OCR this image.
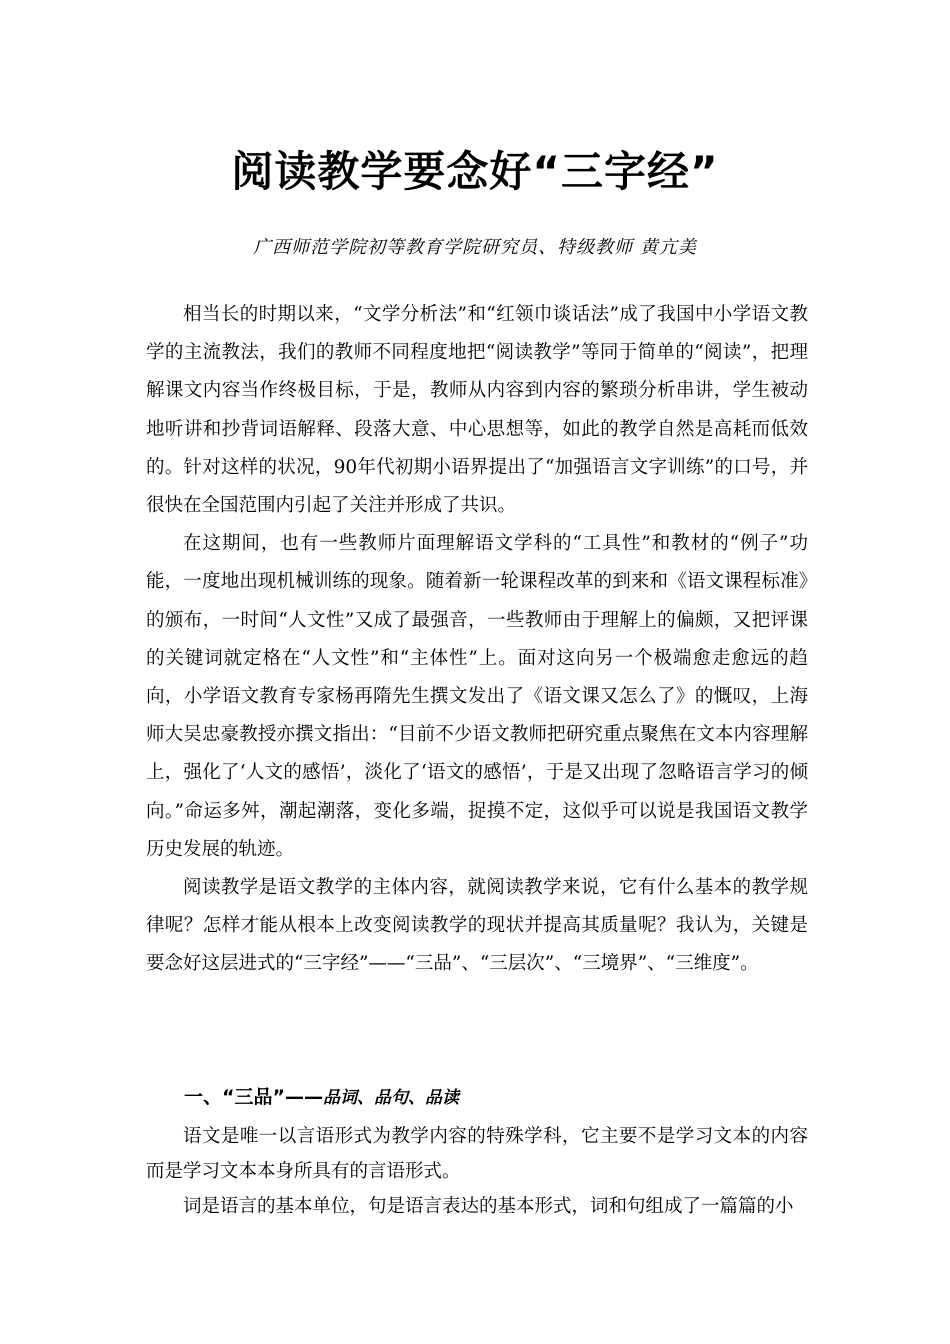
阅读教学要念好“三字经”
广西师范学院初等教育学院研究员、特级教师 黄亢美

相当长的时期以来，“文学分析法”和“红领巾谈话法”成了我国中小学语文教学的主流教法，我们的教师不同程度地把“阅读教学”等同于简单的“阅读”，把理解课文内容当作终极目标，于是，教师从内容到内容的繁琐分析串讲，学生被动地听讲和抄背词语解释、段落大意、中心思想等，如此的教学自然是高耗而低效的。针对这样的状况，90年代初期小语界提出了“加强语言文字训练”的口号，并很快在全国范围内引起了关注并形成了共识。

在这期间，也有一些教师片面理解语文学科的“工具性”和教材的“例子”功能，一度地出现机械训练的现象。随着新一轮课程改革的到来和《语文课程标准》的颁布，一时间“人文性”又成了最强音，一些教师由于理解上的偏颇，又把评课的关键词就定格在“人文性”和“主体性”上。面对这向另一个极端愈走愈远的趋向，小学语文教育专家杨再隋先生撰文发出了《语文课又怎么了》的慨叹，上海师大吴忠豪教授亦撰文指出：“目前不少语文教师把研究重点聚焦在文本内容理解上，强化了‘人文的感悟’，淡化了‘语文的感悟’，于是又出现了忽略语言学习的倾向。”命运多舛，潮起潮落，变化多端，捉摸不定，这似乎可以说是我国语文教学历史发展的轨迹。

阅读教学是语文教学的主体内容，就阅读教学来说，它有什么基本的教学规律呢？怎样才能从根本上改变阅读教学的现状并提高其质量呢？我认为，关键是要念好这层进式的“三字经”——“三品”、“三层次”、“三境界”、“三维度”。

一、“三品”——品词、品句、品读

语文是唯一以言语形式为教学内容的特殊学科，它主要不是学习文本的内容而是学习文本本身所具有的言语形式。

词是语言的基本单位，句是语言表达的基本形式，词和句组成了一篇篇的小
